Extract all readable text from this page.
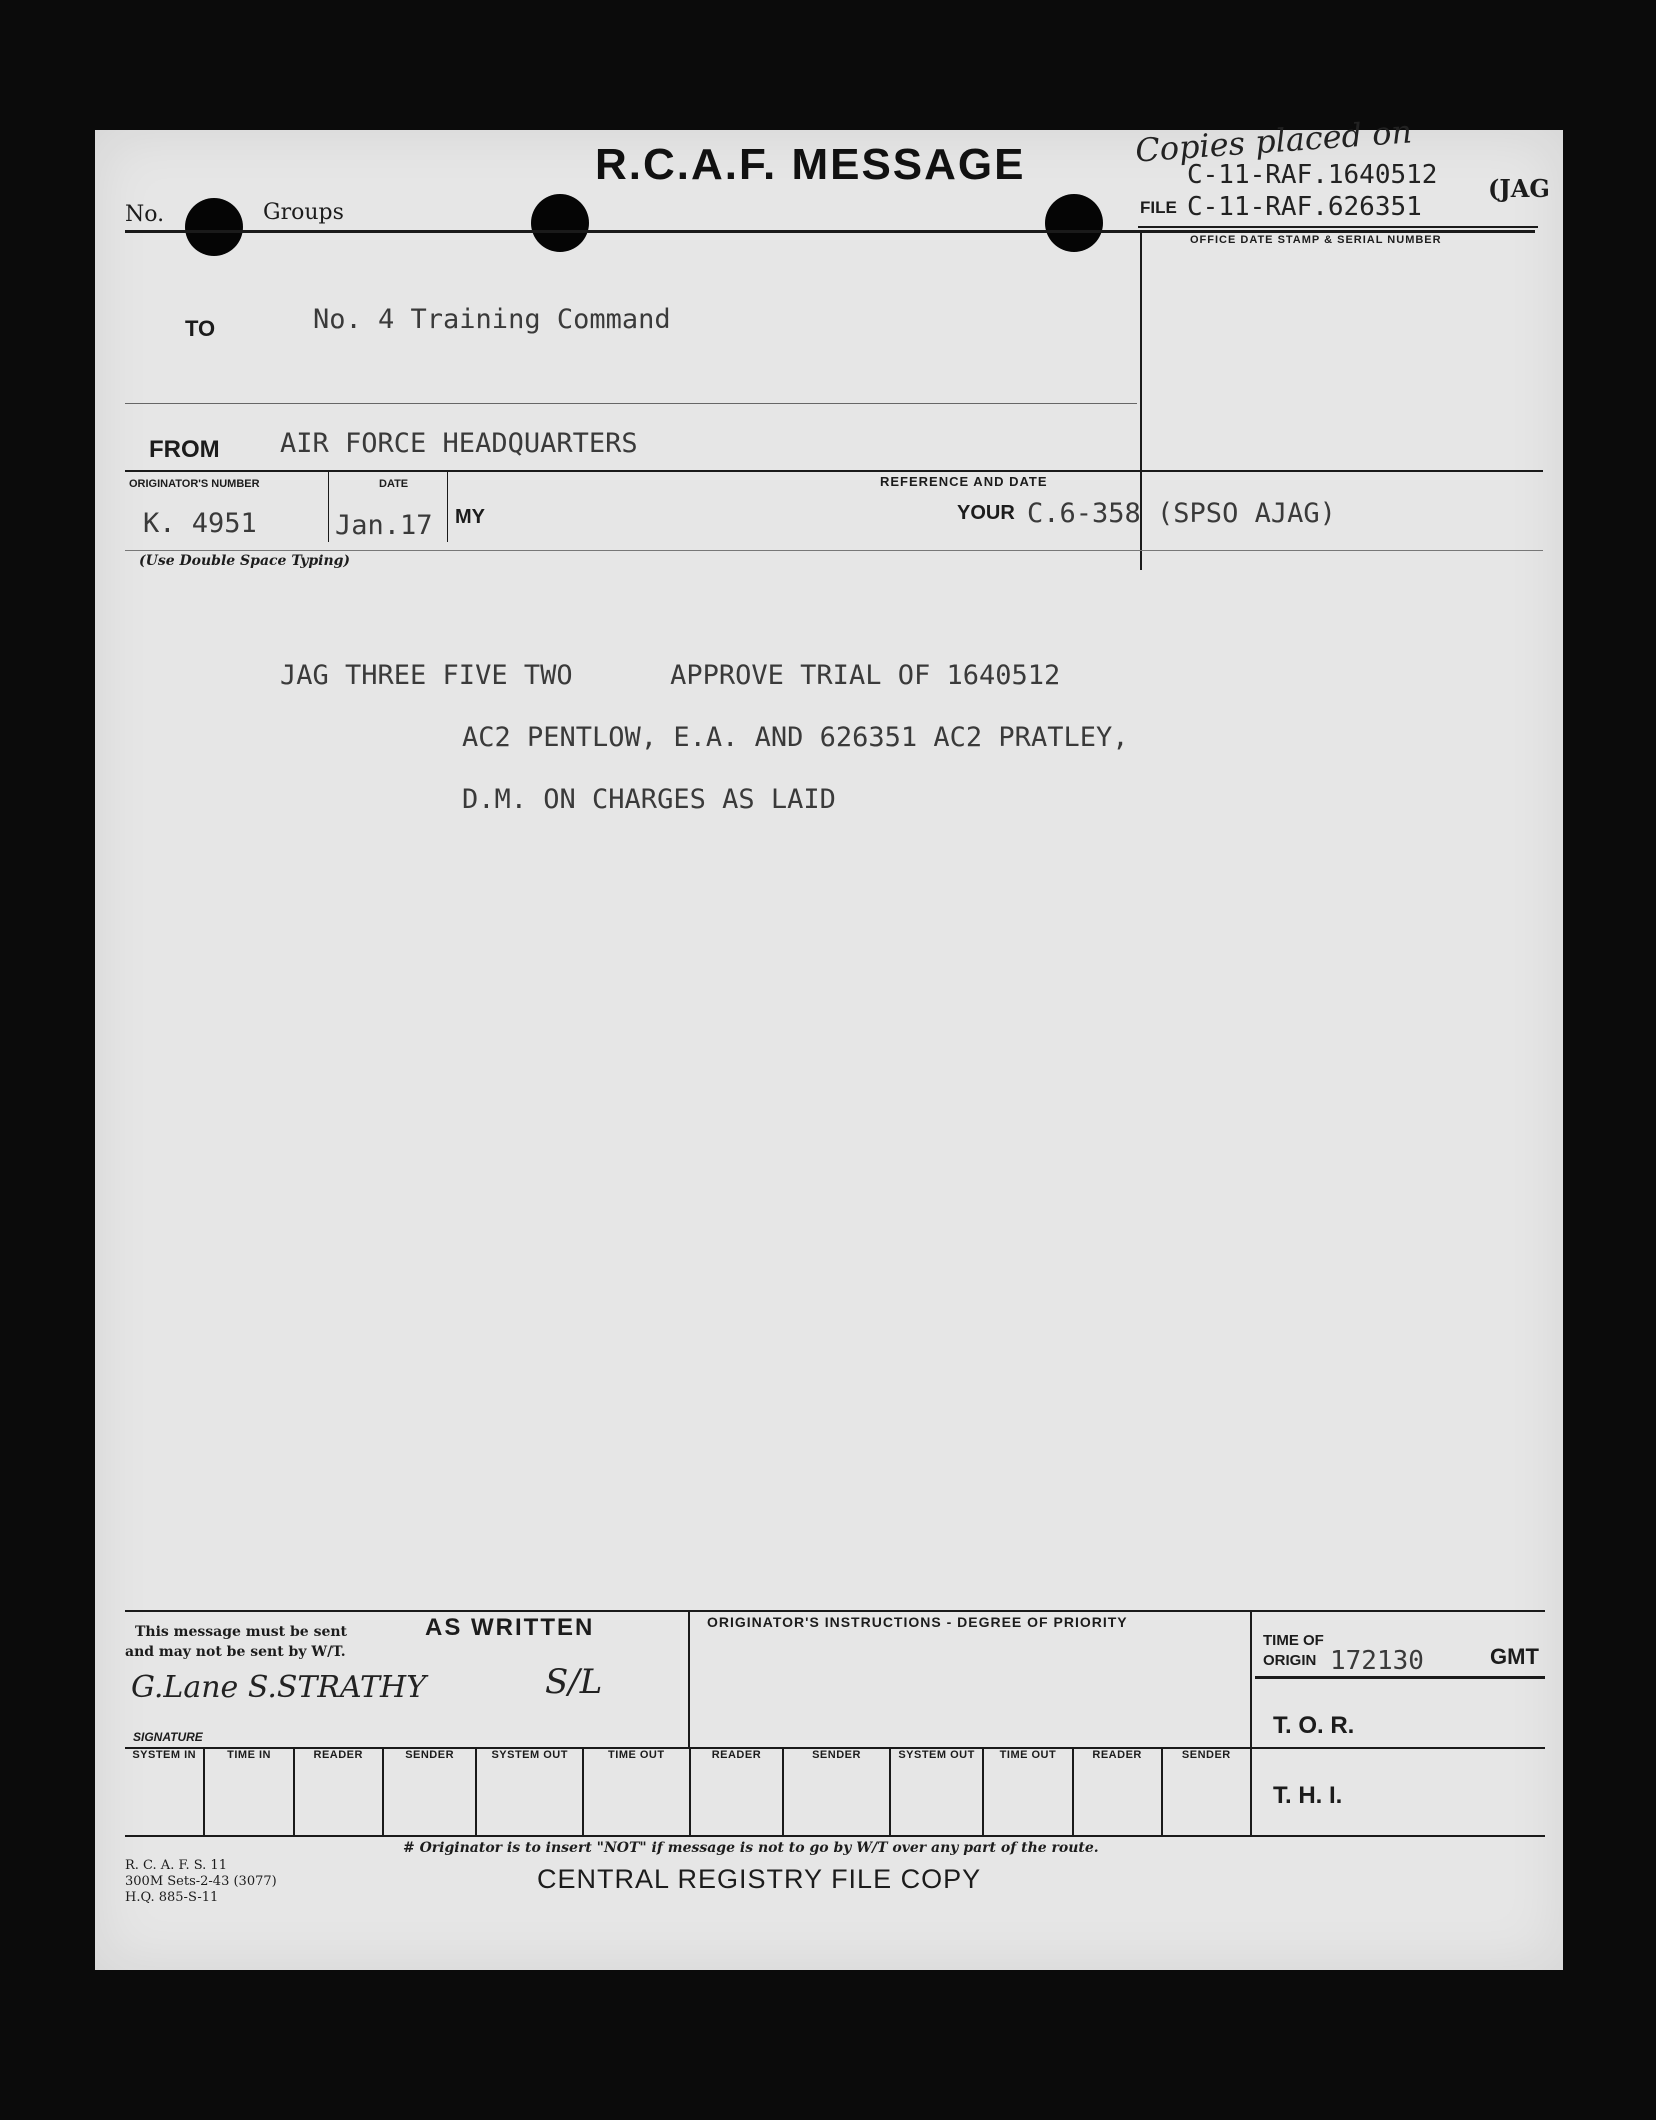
R.C.A.F. MESSAGE	Copies placed on
C-11-RAF.1640512 (JAG
FILE C-11-RAF.626351
No.	Groups
OFFICE DATE STAMP & SERIAL NUMBER
TO	No. 4 Training Command
FROM AIR FORCE HEADQUARTERS
ORIGINATOR'S NUMBER	DATE	REFERENCE AND DATE
K. 4951	Jan.17 MY	YOUR C.6-358 (SPSO AJAG)
(Use Double Space Typing)
JAG THREE FIVE TWO      APPROVE TRIAL OF 1640512
AC2 PENTLOW, E.A. AND 626351 AC2 PRATLEY,
D.M. ON CHARGES AS LAID
This message must be sent
and may not be sent by W/T.
AS WRITTEN
G.Lane S.STRATHY	S/L
SIGNATURE
ORIGINATOR'S INSTRUCTIONS - DEGREE OF PRIORITY
TIME OF
ORIGIN 172130	GMT
T. O. R.
T. H. I.
SYSTEM IN	TIME IN	READER	SENDER	SYSTEM OUT	TIME OUT	READER	SENDER	SYSTEM OUT	TIME OUT	READER	SENDER
# Originator is to insert "NOT" if message is not to go by W/T over any part of the route.
R. C. A. F. S. 11
300M Sets-2-43 (3077)
H.Q. 885-S-11
CENTRAL REGISTRY FILE COPY
